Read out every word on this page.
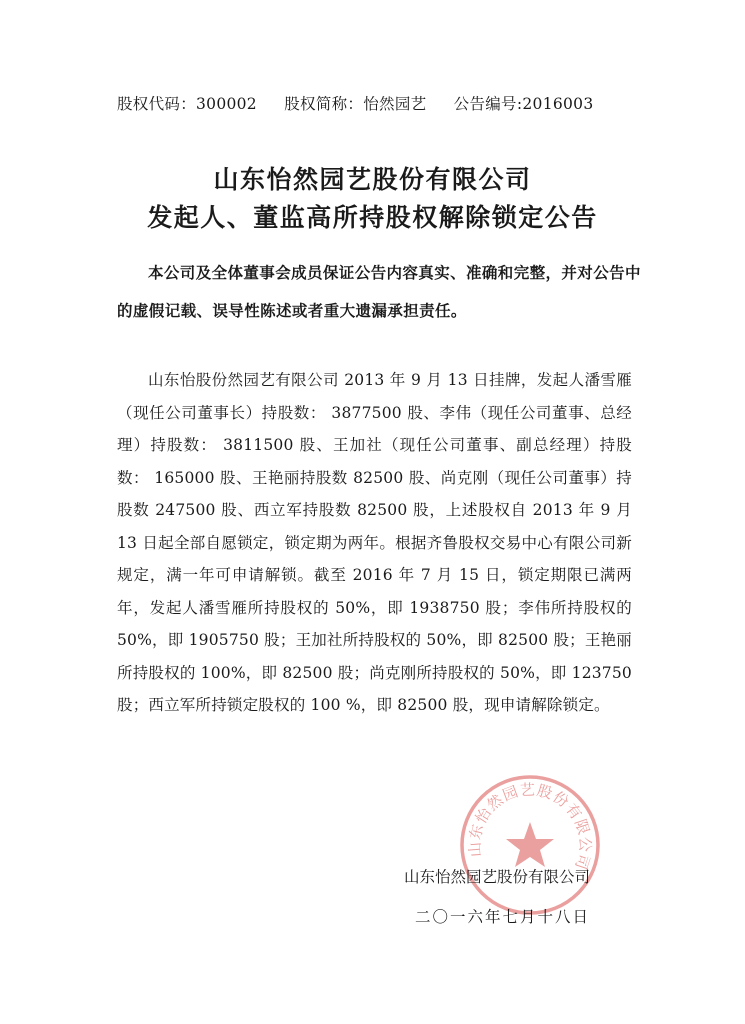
股权代码：300002 股权简称：怡然园艺 公告编号:2016003
山东怡然园艺股份有限公司
发起人、董监高所持股权解除锁定公告
本公司及全体董事会成员保证公告内容真实、准确和完整，并对公告中的虚假记载、误导性陈述或者重大遗漏承担责任。
山东怡股份然园艺有限公司 2013 年 9 月 13 日挂牌，发起人潘雪雁（现任公司董事长）持股数： 3877500 股、李伟（现任公司董事、总经理）持股数： 3811500 股、王加社（现任公司董事、副总经理）持股数： 165000 股、王艳丽持股数 82500 股、尚克刚（现任公司董事）持股数 247500 股、西立军持股数 82500 股，上述股权自 2013 年 9 月 13 日起全部自愿锁定，锁定期为两年。根据齐鲁股权交易中心有限公司新规定，满一年可申请解锁。截至 2016 年 7 月 15 日，锁定期限已满两年，发起人潘雪雁所持股权的 50%，即 1938750 股；李伟所持股权的 50%，即 1905750 股；王加社所持股权的 50%，即 82500 股；王艳丽所持股权的 100%，即 82500 股；尚克刚所持股权的 50%，即 123750 股；西立军所持锁定股权的 100 %，即 82500 股，现申请解除锁定。
山东怡然园艺股份有限公司
山东怡然园艺股份有限公司
二〇一六年七月十八日
